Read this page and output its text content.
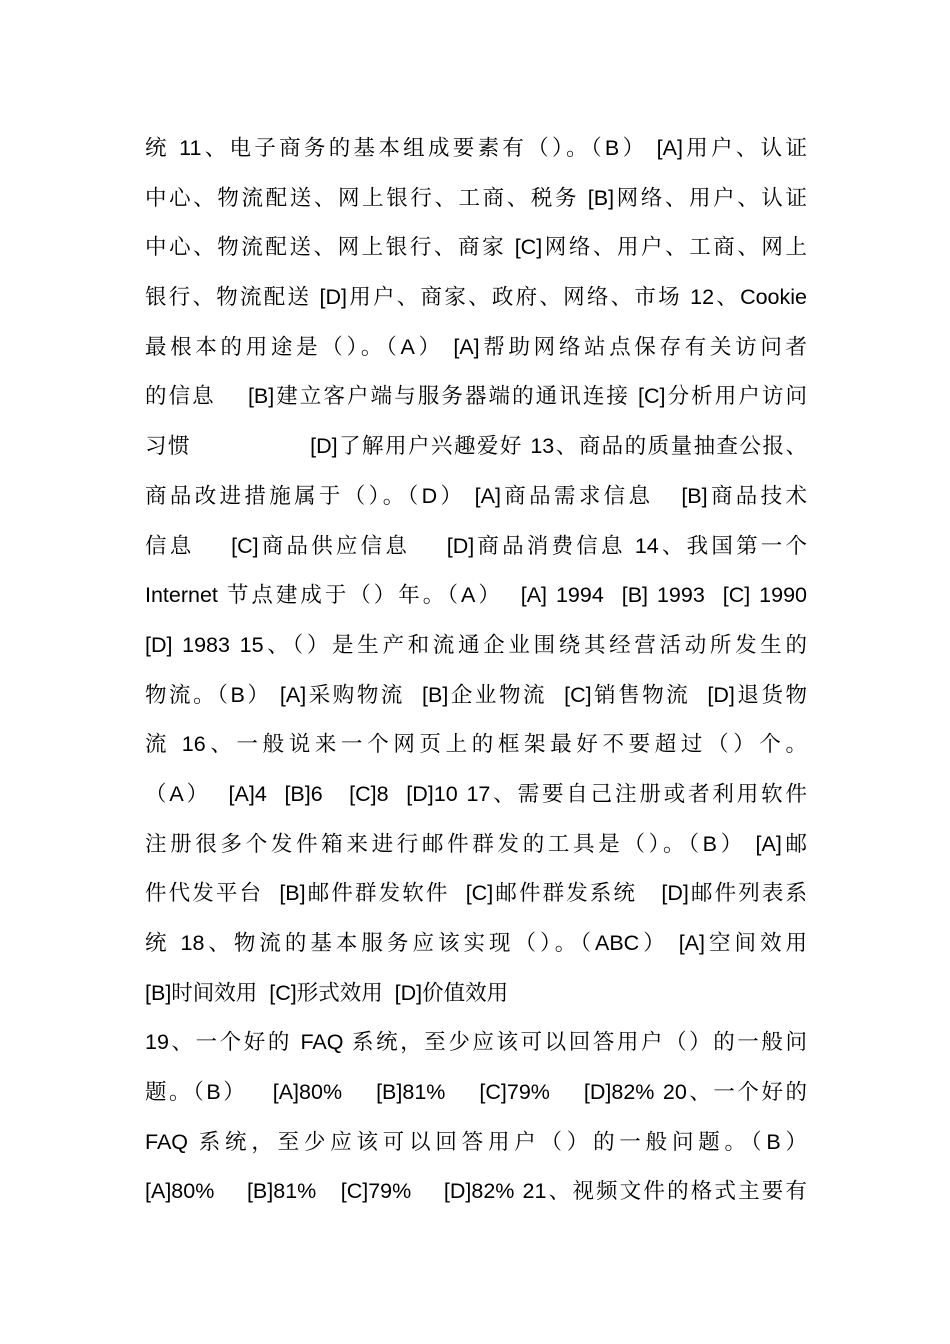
统 11、电子商务的基本组成要素有（）。（B） [A]用户、认证
中心、物流配送、网上银行、工商、税务 [B]网络、用户、认证
中心、物流配送、网上银行、商家 [C]网络、用户、工商、网上
银行、物流配送 [D]用户、商家、政府、网络、市场 12、Cookie
最根本的用途是（）。（A） [A]帮助网络站点保存有关访问者
的信息    [B]建立客户端与服务器端的通讯连接 [C]分析用户访问
习惯                [D]了解用户兴趣爱好 13、商品的质量抽查公报、
商品改进措施属于（）。（D） [A]商品需求信息   [B]商品技术
信息    [C]商品供应信息    [D]商品消费信息 14、我国第一个
Internet 节点建成于（）年。（A）  [A] 1994  [B] 1993  [C] 1990
[D] 1983 15、（）是生产和流通企业围绕其经营活动所发生的
物流。（B） [A]采购物流  [B]企业物流  [C]销售物流  [D]退货物
流 16、一般说来一个网页上的框架最好不要超过（）个。
（A）  [A]4  [B]6   [C]8  [D]10 17、需要自己注册或者利用软件
注册很多个发件箱来进行邮件群发的工具是（）。（B） [A]邮
件代发平台  [B]邮件群发软件  [C]邮件群发系统   [D]邮件列表系
统 18、物流的基本服务应该实现（）。（ABC） [A]空间效用
[B]时间效用  [C]形式效用  [D]价值效用
19、一个好的 FAQ 系统，至少应该可以回答用户（）的一般问
题。（B）   [A]80%    [B]81%    [C]79%    [D]82% 20、一个好的
FAQ 系统，至少应该可以回答用户（）的一般问题。（B）
[A]80%    [B]81%   [C]79%    [D]82% 21、视频文件的格式主要有
